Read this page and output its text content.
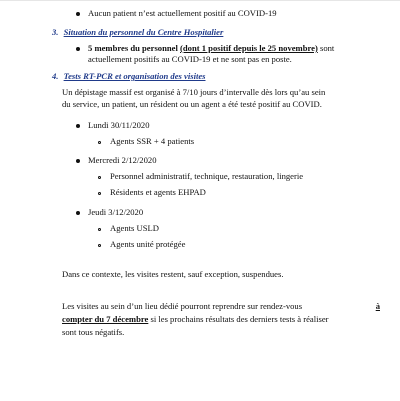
Aucun patient n’est actuellement positif au COVID-19
3. Situation du personnel du Centre Hospitalier
5 membres du personnel (dont 1 positif depuis le 25 novembre) sont
actuellement positifs au COVID-19 et ne sont pas en poste.
4. Tests RT-PCR et organisation des visites
Un dépistage massif est organisé à 7/10 jours d’intervalle dès lors qu’au sein
du service, un patient, un résident ou un agent a été testé positif au COVID.
Lundi 30/11/2020
Agents SSR + 4 patients
Mercredi 2/12/2020
Personnel administratif, technique, restauration, lingerie
Résidents et agents EHPAD
Jeudi 3/12/2020
Agents USLD
Agents unité protégée
Dans ce contexte, les visites restent, sauf exception, suspendues.
Les visites au sein d’un lieu dédié pourront reprendre sur rendez-vous	à
compter du 7 décembre si les prochains résultats des derniers tests à réaliser
sont tous négatifs.
